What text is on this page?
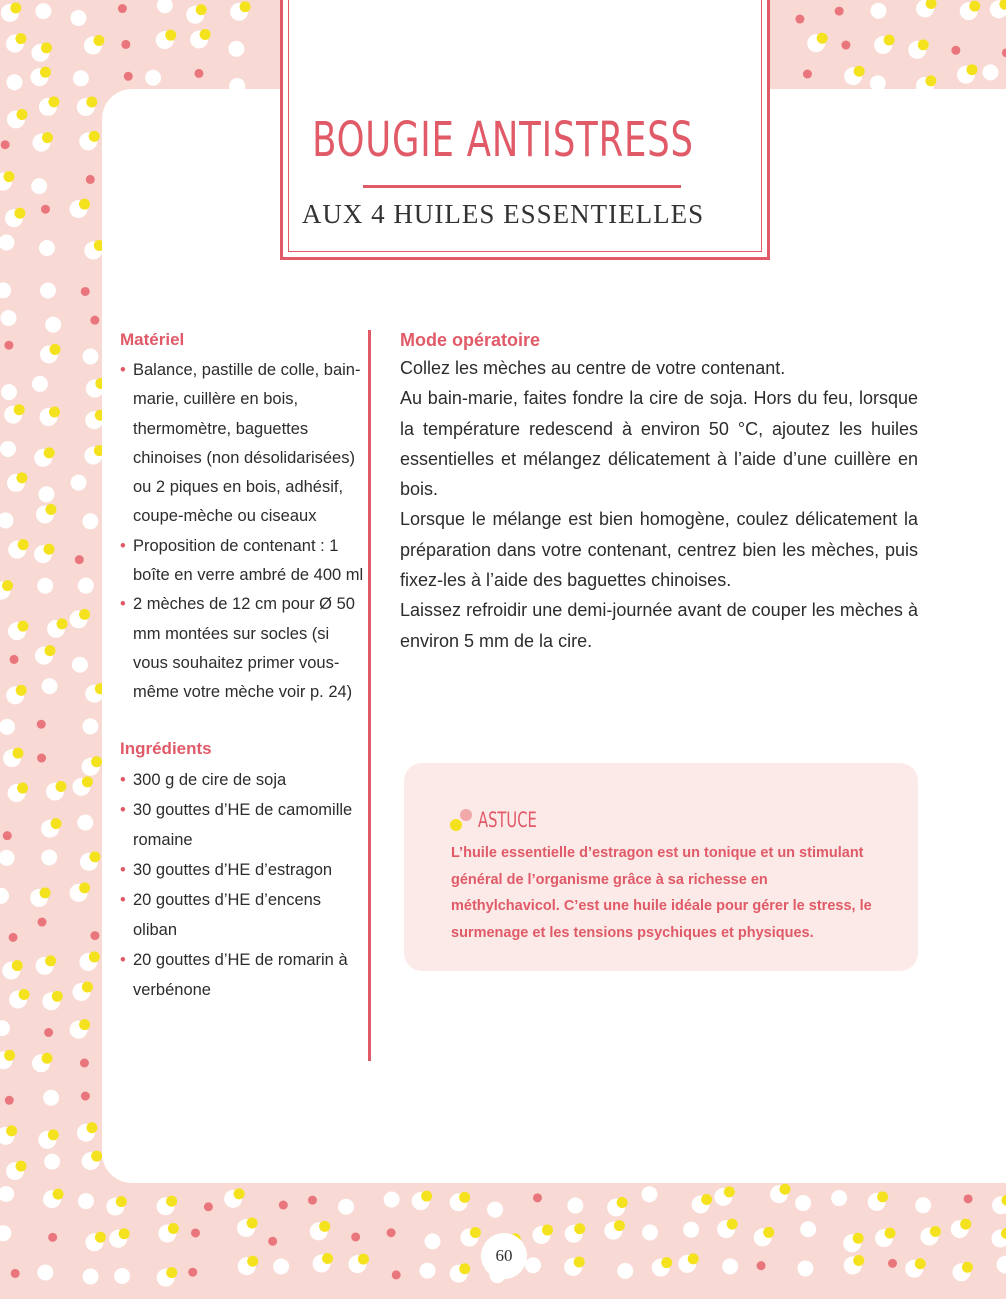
BOUGIE ANTISTRESS
AUX 4 HUILES ESSENTIELLES
Matériel
• Balance, pastille de colle, bain-marie, cuillère en bois, thermomètre, baguettes chinoises (non désolidarisées) ou 2 piques en bois, adhésif, coupe-mèche ou ciseaux
• Proposition de contenant : 1 boîte en verre ambré de 400 ml
• 2 mèches de 12 cm pour Ø 50 mm montées sur socles (si vous souhaitez primer vous-même votre mèche voir p. 24)
Ingrédients
• 300 g de cire de soja
• 30 gouttes d’HE de camomille romaine
• 30 gouttes d’HE d’estragon
• 20 gouttes d’HE d’encens oliban
• 20 gouttes d’HE de romarin à verbénone
Mode opératoire

Collez les mèches au centre de votre contenant.

Au bain-marie, faites fondre la cire de soja. Hors du feu, lorsque la température redescend à environ 50 °C, ajoutez les huiles essentielles et mélangez délicatement à l’aide d’une cuillère en bois.

Lorsque le mélange est bien homogène, coulez délicatement la préparation dans votre contenant, centrez bien les mèches, puis fixez-les à l’aide des baguettes chinoises.

Laissez refroidir une demi-journée avant de couper les mèches à environ 5 mm de la cire.

ASTUCE
L’huile essentielle d’estragon est un tonique et un stimulant général de l’organisme grâce à sa richesse en méthylchavicol. C’est une huile idéale pour gérer le stress, le surmenage et les tensions psychiques et physiques.
60
